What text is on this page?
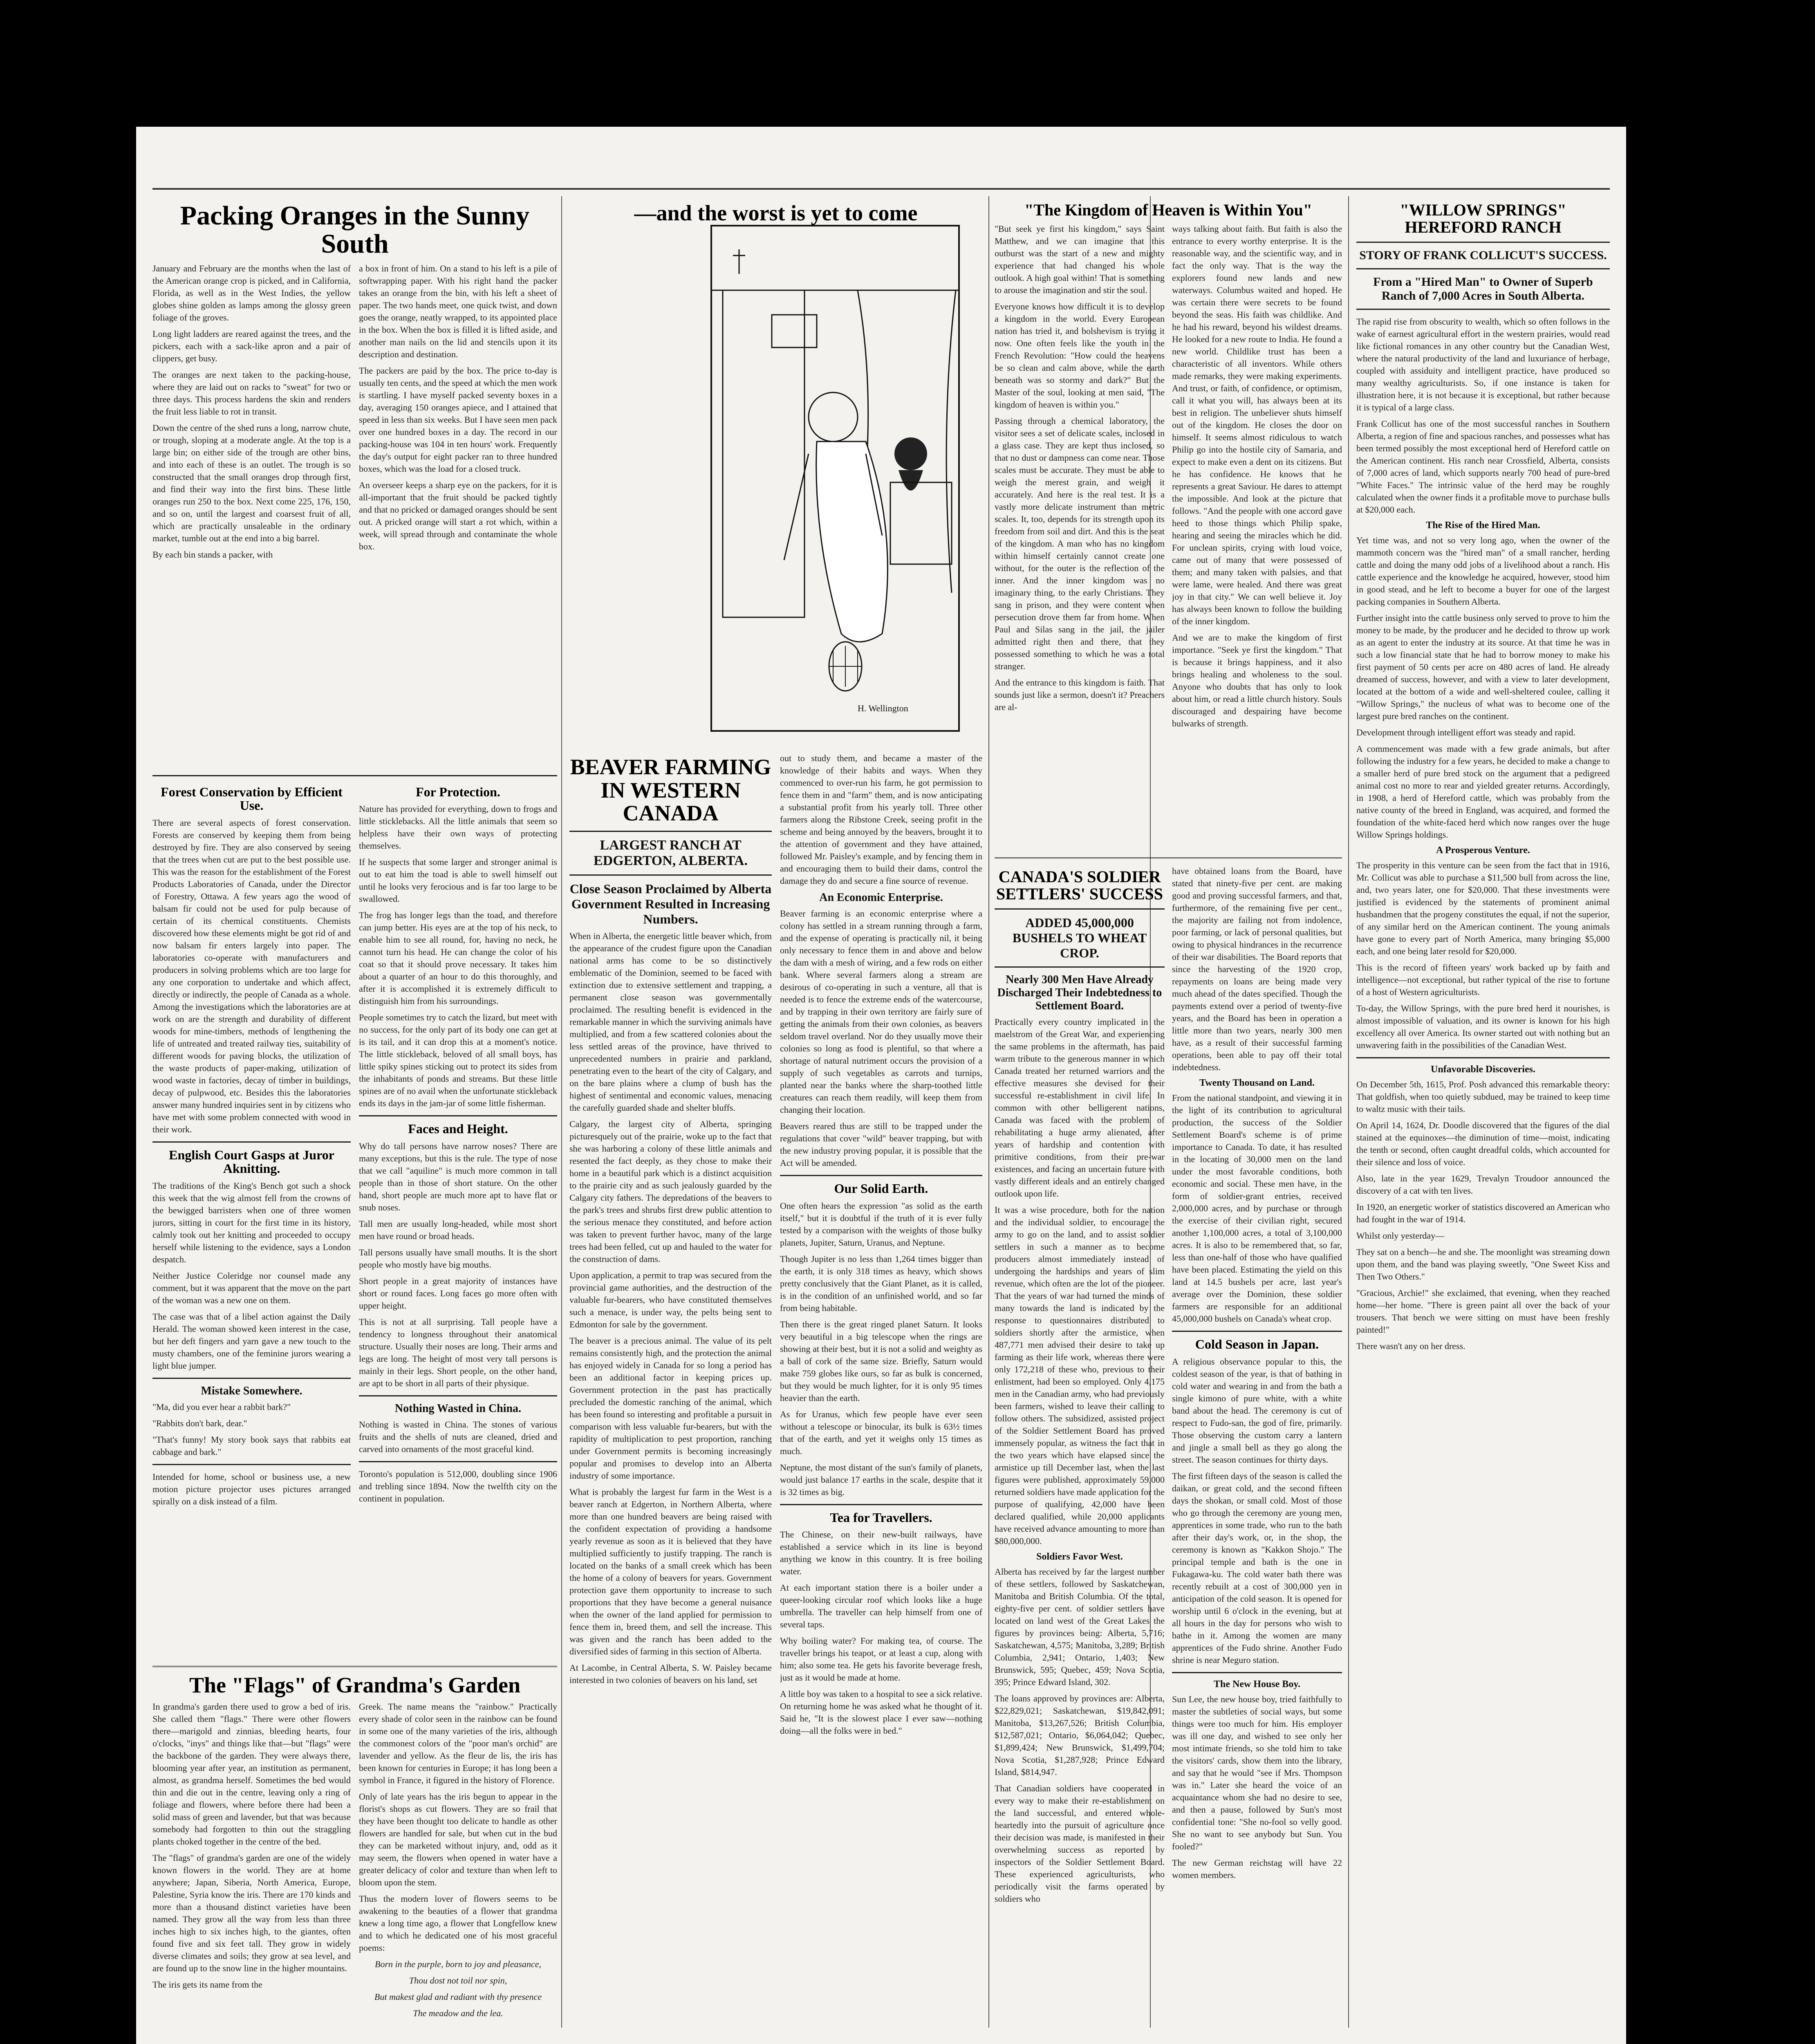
Packing Oranges in the Sunny South

January and February are the months when the last of the American orange crop is picked, and in California, Florida, as well as in the West Indies, the yellow globes shine golden as lamps among the glossy green foliage of the groves.

Long light ladders are reared against the trees, and the pickers, each with a sack-like apron and a pair of clippers, get busy.

The oranges are next taken to the packing-house, where they are laid out on racks to "sweat" for two or three days. This process hardens the skin and renders the fruit less liable to rot in transit.

Down the centre of the shed runs a long, narrow chute, or trough, sloping at a moderate angle. At the top is a large bin; on either side of the trough are other bins, and into each of these is an outlet. The trough is so constructed that the small oranges drop through first, and find their way into the first bins. These little oranges run 250 to the box. Next come 225, 176, 150, and so on, until the largest and coarsest fruit of all, which are practically unsaleable in the ordinary market, tumble out at the end into a big barrel.

By each bin stands a packer, with

a box in front of him. On a stand to his left is a pile of softwrapping paper. With his right hand the packer takes an orange from the bin, with his left a sheet of paper. The two hands meet, one quick twist, and down goes the orange, neatly wrapped, to its appointed place in the box. When the box is filled it is lifted aside, and another man nails on the lid and stencils upon it its description and destination.

The packers are paid by the box. The price to-day is usually ten cents, and the speed at which the men work is startling. I have myself packed seventy boxes in a day, averaging 150 oranges apiece, and I attained that speed in less than six weeks. But I have seen men pack over one hundred boxes in a day. The record in our packing-house was 104 in ten hours' work. Frequently the day's output for eight packer ran to three hundred boxes, which was the load for a closed truck.

An overseer keeps a sharp eye on the packers, for it is all-important that the fruit should be packed tightly and that no pricked or damaged oranges should be sent out. A pricked orange will start a rot which, within a week, will spread through and contaminate the whole box.

Forest Conservation by Efficient Use.

There are several aspects of forest conservation. Forests are conserved by keeping them from being destroyed by fire. They are also conserved by seeing that the trees when cut are put to the best possible use. This was the reason for the establishment of the Forest Products Laboratories of Canada, under the Director of Forestry, Ottawa. A few years ago the wood of balsam fir could not be used for pulp because of certain of its chemical constituents. Chemists discovered how these elements might be got rid of and now balsam fir enters largely into paper. The laboratories co-operate with manufacturers and producers in solving problems which are too large for any one corporation to undertake and which affect, directly or indirectly, the people of Canada as a whole. Among the investigations which the laboratories are at work on are the strength and durability of different woods for mine-timbers, methods of lengthening the life of untreated and treated railway ties, suitability of different woods for paving blocks, the utilization of the waste products of paper-making, utilization of wood waste in factories, decay of timber in buildings, decay of pulpwood, etc. Besides this the laboratories answer many hundred inquiries sent in by citizens who have met with some problem connected with wood in their work.

English Court Gasps at Juror Aknitting.

The traditions of the King's Bench got such a shock this week that the wig almost fell from the crowns of the bewigged barristers when one of three women jurors, sitting in court for the first time in its history, calmly took out her knitting and proceeded to occupy herself while listening to the evidence, says a London despatch.

Neither Justice Coleridge nor counsel made any comment, but it was apparent that the move on the part of the woman was a new one on them.

The case was that of a libel action against the Daily Herald. The woman showed keen interest in the case, but her deft fingers and yarn gave a new touch to the musty chambers, one of the feminine jurors wearing a light blue jumper.

Mistake Somewhere.

"Ma, did you ever hear a rabbit bark?"

"Rabbits don't bark, dear."

"That's funny! My story book says that rabbits eat cabbage and bark."

Intended for home, school or business use, a new motion picture projector uses pictures arranged spirally on a disk instead of a film.

For Protection.

Nature has provided for everything, down to frogs and little sticklebacks. All the little animals that seem so helpless have their own ways of protecting themselves.

If he suspects that some larger and stronger animal is out to eat him the toad is able to swell himself out until he looks very ferocious and is far too large to be swallowed.

The frog has longer legs than the toad, and therefore can jump better. His eyes are at the top of his neck, to enable him to see all round, for, having no neck, he cannot turn his head. He can change the color of his coat so that it should prove necessary. It takes him about a quarter of an hour to do this thoroughly, and after it is accomplished it is extremely difficult to distinguish him from his surroundings.

People sometimes try to catch the lizard, but meet with no success, for the only part of its body one can get at is its tail, and it can drop this at a moment's notice. The little stickleback, beloved of all small boys, has little spiky spines sticking out to protect its sides from the inhabitants of ponds and streams. But these little spines are of no avail when the unfortunate stickleback ends its days in the jam-jar of some little fisherman.

Faces and Height.

Why do tall persons have narrow noses? There are many exceptions, but this is the rule. The type of nose that we call "aquiline" is much more common in tall people than in those of short stature. On the other hand, short people are much more apt to have flat or snub noses.

Tall men are usually long-headed, while most short men have round or broad heads.

Tall persons usually have small mouths. It is the short people who mostly have big mouths.

Short people in a great majority of instances have short or round faces. Long faces go more often with upper height.

This is not at all surprising. Tall people have a tendency to longness throughout their anatomical structure. Usually their noses are long. Their arms and legs are long. The height of most very tall persons is mainly in their legs. Short people, on the other hand, are apt to be short in all parts of their physique.

Nothing Wasted in China.

Nothing is wasted in China. The stones of various fruits and the shells of nuts are cleaned, dried and carved into ornaments of the most graceful kind.

Toronto's population is 512,000, doubling since 1906 and trebling since 1894. Now the twelfth city on the continent in population.

The "Flags" of Grandma's Garden

In grandma's garden there used to grow a bed of iris. She called them "flags." There were other flowers there—marigold and zinnias, bleeding hearts, four o'clocks, "inys" and things like that—but "flags" were the backbone of the garden. They were always there, blooming year after year, an institution as permanent, almost, as grandma herself. Sometimes the bed would thin and die out in the centre, leaving only a ring of foliage and flowers, where before there had been a solid mass of green and lavender, but that was because somebody had forgotten to thin out the straggling plants choked together in the centre of the bed.

The "flags" of grandma's garden are one of the widely known flowers in the world. They are at home anywhere; Japan, Siberia, North America, Europe, Palestine, Syria know the iris. There are 170 kinds and more than a thousand distinct varieties have been named. They grow all the way from less than three inches high to six inches high, to the giantes, often found five and six feet tall. They grow in widely diverse climates and soils; they grow at sea level, and are found up to the snow line in the higher mountains.

The iris gets its name from the

Greek. The name means the "rainbow." Practically every shade of color seen in the rainbow can be found in some one of the many varieties of the iris, although the commonest colors of the "poor man's orchid" are lavender and yellow. As the fleur de lis, the iris has been known for centuries in Europe; it has long been a symbol in France, it figured in the history of Florence.

Only of late years has the iris begun to appear in the florist's shops as cut flowers. They are so frail that they have been thought too delicate to handle as other flowers are handled for sale, but when cut in the bud they can be marketed without injury, and, odd as it may seem, the flowers when opened in water have a greater delicacy of color and texture than when left to bloom upon the stem.

Thus the modern lover of flowers seems to be awakening to the beauties of a flower that grandma knew a long time ago, a flower that Longfellow knew and to which he dedicated one of his most graceful poems:

Born in the purple, born to joy and pleasance,

Thou dost not toil nor spin,

But makest glad and radiant with thy presence

The meadow and the lea.

—and the worst is yet to come
H. Wellington
BEAVER FARMING IN WESTERN CANADA
LARGEST RANCH AT EDGERTON, ALBERTA.
Close Season Proclaimed by Alberta Government Resulted in Increasing Numbers.

When in Alberta, the energetic little beaver which, from the appearance of the crudest figure upon the Canadian national arms has come to be so distinctively emblematic of the Dominion, seemed to be faced with extinction due to extensive settlement and trapping, a permanent close season was governmentally proclaimed. The resulting benefit is evidenced in the remarkable manner in which the surviving animals have multiplied, and from a few scattered colonies about the less settled areas of the province, have thrived to unprecedented numbers in prairie and parkland, penetrating even to the heart of the city of Calgary, and on the bare plains where a clump of bush has the highest of sentimental and economic values, menacing the carefully guarded shade and shelter bluffs.

Calgary, the largest city of Alberta, springing picturesquely out of the prairie, woke up to the fact that she was harboring a colony of these little animals and resented the fact deeply, as they chose to make their home in a beautiful park which is a distinct acquisition to the prairie city and as such jealously guarded by the Calgary city fathers. The depredations of the beavers to the park's trees and shrubs first drew public attention to the serious menace they constituted, and before action was taken to prevent further havoc, many of the large trees had been felled, cut up and hauled to the water for the construction of dams.

Upon application, a permit to trap was secured from the provincial game authorities, and the destruction of the valuable fur-bearers, who have constituted themselves such a menace, is under way, the pelts being sent to Edmonton for sale by the government.

The beaver is a precious animal. The value of its pelt remains consistently high, and the protection the animal has enjoyed widely in Canada for so long a period has been an additional factor in keeping prices up. Government protection in the past has practically precluded the domestic ranching of the animal, which has been found so interesting and profitable a pursuit in comparison with less valuable fur-bearers, but with the rapidity of multiplication to pest proportion, ranching under Government permits is becoming increasingly popular and promises to develop into an Alberta industry of some importance.

What is probably the largest fur farm in the West is a beaver ranch at Edgerton, in Northern Alberta, where more than one hundred beavers are being raised with the confident expectation of providing a handsome yearly revenue as soon as it is believed that they have multiplied sufficiently to justify trapping. The ranch is located on the banks of a small creek which has been the home of a colony of beavers for years. Government protection gave them opportunity to increase to such proportions that they have become a general nuisance when the owner of the land applied for permission to fence them in, breed them, and sell the increase. This was given and the ranch has been added to the diversified sides of farming in this section of Alberta.

At Lacombe, in Central Alberta, S. W. Paisley became interested in two colonies of beavers on his land, set

out to study them, and became a master of the knowledge of their habits and ways. When they commenced to over-run his farm, he got permission to fence them in and "farm" them, and is now anticipating a substantial profit from his yearly toll. Three other farmers along the Ribstone Creek, seeing profit in the scheme and being annoyed by the beavers, brought it to the attention of government and they have attained, followed Mr. Paisley's example, and by fencing them in and encouraging them to build their dams, control the damage they do and secure a fine source of revenue.

An Economic Enterprise.

Beaver farming is an economic enterprise where a colony has settled in a stream running through a farm, and the expense of operating is practically nil, it being only necessary to fence them in and above and below the dam with a mesh of wiring, and a few rods on either bank. Where several farmers along a stream are desirous of co-operating in such a venture, all that is needed is to fence the extreme ends of the watercourse, and by trapping in their own territory are fairly sure of getting the animals from their own colonies, as beavers seldom travel overland. Nor do they usually move their colonies so long as food is plentiful, so that where a shortage of natural nutriment occurs the provision of a supply of such vegetables as carrots and turnips, planted near the banks where the sharp-toothed little creatures can reach them readily, will keep them from changing their location.

Beavers reared thus are still to be trapped under the regulations that cover "wild" beaver trapping, but with the new industry proving popular, it is possible that the Act will be amended.

Our Solid Earth.

One often hears the expression "as solid as the earth itself," but it is doubtful if the truth of it is ever fully tested by a comparison with the weights of those bulky planets, Jupiter, Saturn, Uranus, and Neptune.

Though Jupiter is no less than 1,264 times bigger than the earth, it is only 318 times as heavy, which shows pretty conclusively that the Giant Planet, as it is called, is in the condition of an unfinished world, and so far from being habitable.

Then there is the great ringed planet Saturn. It looks very beautiful in a big telescope when the rings are showing at their best, but it is not a solid and weighty as a ball of cork of the same size. Briefly, Saturn would make 759 globes like ours, so far as bulk is concerned, but they would be much lighter, for it is only 95 times heavier than the earth.

As for Uranus, which few people have ever seen without a telescope or binocular, its bulk is 63½ times that of the earth, and yet it weighs only 15 times as much.

Neptune, the most distant of the sun's family of planets, would just balance 17 earths in the scale, despite that it is 32 times as big.

Tea for Travellers.

The Chinese, on their new-built railways, have established a service which in its line is beyond anything we know in this country. It is free boiling water.

At each important station there is a boiler under a queer-looking circular roof which looks like a huge umbrella. The traveller can help himself from one of several taps.

Why boiling water? For making tea, of course. The traveller brings his teapot, or at least a cup, along with him; also some tea. He gets his favorite beverage fresh, just as it would be made at home.

A little boy was taken to a hospital to see a sick relative. On returning home he was asked what he thought of it. Said he, "It is the slowest place I ever saw—nothing doing—all the folks were in bed."

"The Kingdom of Heaven is Within You"

"But seek ye first his kingdom," says Saint Matthew, and we can imagine that this outburst was the start of a new and mighty experience that had changed his whole outlook. A high goal within! That is something to arouse the imagination and stir the soul.

Everyone knows how difficult it is to develop a kingdom in the world. Every European nation has tried it, and bolshevism is trying it now. One often feels like the youth in the French Revolution: "How could the heavens be so clean and calm above, while the earth beneath was so stormy and dark?" But the Master of the soul, looking at men said, "The kingdom of heaven is within you."

Passing through a chemical laboratory, the visitor sees a set of delicate scales, inclosed in a glass case. They are kept thus inclosed, so that no dust or dampness can come near. Those scales must be accurate. They must be able to weigh the merest grain, and weigh it accurately. And here is the real test. It is a vastly more delicate instrument than metric scales. It, too, depends for its strength upon its freedom from soil and dirt. And this is the seat of the kingdom. A man who has no kingdom within himself certainly cannot create one without, for the outer is the reflection of the inner. And the inner kingdom was no imaginary thing, to the early Christians. They sang in prison, and they were content when persecution drove them far from home. When Paul and Silas sang in the jail, the jailer admitted right then and there, that they possessed something to which he was a total stranger.

And the entrance to this kingdom is faith. That sounds just like a sermon, doesn't it? Preachers are al-

ways talking about faith. But faith is also the entrance to every worthy enterprise. It is the reasonable way, and the scientific way, and in fact the only way. That is the way the explorers found new lands and new waterways. Columbus waited and hoped. He was certain there were secrets to be found beyond the seas. His faith was childlike. And he had his reward, beyond his wildest dreams. He looked for a new route to India. He found a new world. Childlike trust has been a characteristic of all inventors. While others made remarks, they were making experiments. And trust, or faith, of confidence, or optimism, call it what you will, has always been at its best in religion. The unbeliever shuts himself out of the kingdom. He closes the door on himself. It seems almost ridiculous to watch Philip go into the hostile city of Samaria, and expect to make even a dent on its citizens. But he has confidence. He knows that he represents a great Saviour. He dares to attempt the impossible. And look at the picture that follows. "And the people with one accord gave heed to those things which Philip spake, hearing and seeing the miracles which he did. For unclean spirits, crying with loud voice, came out of many that were possessed of them; and many taken with palsies, and that were lame, were healed. And there was great joy in that city." We can well believe it. Joy has always been known to follow the building of the inner kingdom.

And we are to make the kingdom of first importance. "Seek ye first the kingdom." That is because it brings happiness, and it also brings healing and wholeness to the soul. Anyone who doubts that has only to look about him, or read a little church history. Souls discouraged and despairing have become bulwarks of strength.

CANADA'S SOLDIER SETTLERS' SUCCESS
ADDED 45,000,000 BUSHELS TO WHEAT CROP.
Nearly 300 Men Have Already Discharged Their Indebtedness to Settlement Board.

Practically every country implicated in the maelstrom of the Great War, and experiencing the same problems in the aftermath, has paid warm tribute to the generous manner in which Canada treated her returned warriors and the effective measures she devised for their successful re-establishment in civil life. In common with other belligerent nations, Canada was faced with the problem of rehabilitating a huge army alienated, after years of hardship and contention with primitive conditions, from their pre-war existences, and facing an uncertain future with vastly different ideals and an entirely changed outlook upon life.

It was a wise procedure, both for the nation and the individual soldier, to encourage the army to go on the land, and to assist soldier settlers in such a manner as to become producers almost immediately instead of undergoing the hardships and years of slim revenue, which often are the lot of the pioneer. That the years of war had turned the minds of many towards the land is indicated by the response to questionnaires distributed to soldiers shortly after the armistice, when 487,771 men advised their desire to take up farming as their life work, whereas there were only 172,218 of these who, previous to their enlistment, had been so employed. Only 4,175 men in the Canadian army, who had previously been farmers, wished to leave their calling to follow others. The subsidized, assisted project of the Soldier Settlement Board has proved immensely popular, as witness the fact that in the two years which have elapsed since the armistice up till December last, when the last figures were published, approximately 59,000 returned soldiers have made application for the purpose of qualifying, 42,000 have been declared qualified, while 20,000 applicants have received advance amounting to more than $80,000,000.

Soldiers Favor West.

Alberta has received by far the largest number of these settlers, followed by Saskatchewan, Manitoba and British Columbia. Of the total, eighty-five per cent. of soldier settlers have located on land west of the Great Lakes the figures by provinces being: Alberta, 5,716; Saskatchewan, 4,575; Manitoba, 3,289; British Columbia, 2,941; Ontario, 1,403; New Brunswick, 595; Quebec, 459; Nova Scotia, 395; Prince Edward Island, 302.

The loans approved by provinces are: Alberta, $22,829,021; Saskatchewan, $19,842,091; Manitoba, $13,267,526; British Columbia, $12,587,021; Ontario, $6,064,042; Quebec, $1,899,424; New Brunswick, $1,499,704; Nova Scotia, $1,287,928; Prince Edward Island, $814,947.

That Canadian soldiers have cooperated in every way to make their re-establishment on the land successful, and entered whole-heartedly into the pursuit of agriculture once their decision was made, is manifested in their overwhelming success as reported by inspectors of the Soldier Settlement Board. These experienced agriculturists, who periodically visit the farms operated by soldiers who

have obtained loans from the Board, have stated that ninety-five per cent. are making good and proving successful farmers, and that, furthermore, of the remaining five per cent., the majority are failing not from indolence, poor farming, or lack of personal qualities, but owing to physical hindrances in the recurrence of their war disabilities. The Board reports that since the harvesting of the 1920 crop, repayments on loans are being made very much ahead of the dates specified. Though the payments extend over a period of twenty-five years, and the Board has been in operation a little more than two years, nearly 300 men have, as a result of their successful farming operations, been able to pay off their total indebtedness.

Twenty Thousand on Land.

From the national standpoint, and viewing it in the light of its contribution to agricultural production, the success of the Soldier Settlement Board's scheme is of prime importance to Canada. To date, it has resulted in the locating of 30,000 men on the land under the most favorable conditions, both economic and social. These men have, in the form of soldier-grant entries, received 2,000,000 acres, and by purchase or through the exercise of their civilian right, secured another 1,100,000 acres, a total of 3,100,000 acres. It is also to be remembered that, so far, less than one-half of those who have qualified have been placed. Estimating the yield on this land at 14.5 bushels per acre, last year's average over the Dominion, these soldier farmers are responsible for an additional 45,000,000 bushels on Canada's wheat crop.

Cold Season in Japan.

A religious observance popular to this, the coldest season of the year, is that of bathing in cold water and wearing in and from the bath a single kimono of pure white, with a white band about the head. The ceremony is cut of respect to Fudo-san, the god of fire, primarily. Those observing the custom carry a lantern and jingle a small bell as they go along the street. The season continues for thirty days.

The first fifteen days of the season is called the daikan, or great cold, and the second fifteen days the shokan, or small cold. Most of those who go through the ceremony are young men, apprentices in some trade, who run to the bath after their day's work, or, in the shop, the ceremony is known as "Kakkon Shojo." The principal temple and bath is the one in Fukagawa-ku. The cold water bath there was recently rebuilt at a cost of 300,000 yen in anticipation of the cold season. It is opened for worship until 6 o'clock in the evening, but at all hours in the day for persons who wish to bathe in it. Among the women are many apprentices of the Fudo shrine. Another Fudo shrine is near Meguro station.

The New House Boy.

Sun Lee, the new house boy, tried faithfully to master the subtleties of social ways, but some things were too much for him. His employer was ill one day, and wished to see only her most intimate friends, so she told him to take the visitors' cards, show them into the library, and say that he would "see if Mrs. Thompson was in." Later she heard the voice of an acquaintance whom she had no desire to see, and then a pause, followed by Sun's most confidential tone: "She no-fool so velly good. She no want to see anybody but Sun. You fooled?"

The new German reichstag will have 22 women members.

"WILLOW SPRINGS" HEREFORD RANCH
STORY OF FRANK COLLICUT'S SUCCESS.
From a "Hired Man" to Owner of Superb Ranch of 7,000 Acres in South Alberta.

The rapid rise from obscurity to wealth, which so often follows in the wake of earnest agricultural effort in the western prairies, would read like fictional romances in any other country but the Canadian West, where the natural productivity of the land and luxuriance of herbage, coupled with assiduity and intelligent practice, have produced so many wealthy agriculturists. So, if one instance is taken for illustration here, it is not because it is exceptional, but rather because it is typical of a large class.

Frank Collicut has one of the most successful ranches in Southern Alberta, a region of fine and spacious ranches, and possesses what has been termed possibly the most exceptional herd of Hereford cattle on the American continent. His ranch near Crossfield, Alberta, consists of 7,000 acres of land, which supports nearly 700 head of pure-bred "White Faces." The intrinsic value of the herd may be roughly calculated when the owner finds it a profitable move to purchase bulls at $20,000 each.

The Rise of the Hired Man.

Yet time was, and not so very long ago, when the owner of the mammoth concern was the "hired man" of a small rancher, herding cattle and doing the many odd jobs of a livelihood about a ranch. His cattle experience and the knowledge he acquired, however, stood him in good stead, and he left to become a buyer for one of the largest packing companies in Southern Alberta.

Further insight into the cattle business only served to prove to him the money to be made, by the producer and he decided to throw up work as an agent to enter the industry at its source. At that time he was in such a low financial state that he had to borrow money to make his first payment of 50 cents per acre on 480 acres of land. He already dreamed of success, however, and with a view to later development, located at the bottom of a wide and well-sheltered coulee, calling it "Willow Springs," the nucleus of what was to become one of the largest pure bred ranches on the continent.

Development through intelligent effort was steady and rapid.

A commencement was made with a few grade animals, but after following the industry for a few years, he decided to make a change to a smaller herd of pure bred stock on the argument that a pedigreed animal cost no more to rear and yielded greater returns. Accordingly, in 1908, a herd of Hereford cattle, which was probably from the native county of the breed in England, was acquired, and formed the foundation of the white-faced herd which now ranges over the huge Willow Springs holdings.

A Prosperous Venture.

The prosperity in this venture can be seen from the fact that in 1916, Mr. Collicut was able to purchase a $11,500 bull from across the line, and, two years later, one for $20,000. That these investments were justified is evidenced by the statements of prominent animal husbandmen that the progeny constitutes the equal, if not the superior, of any similar herd on the American continent. The young animals have gone to every part of North America, many bringing $5,000 each, and one being later resold for $20,000.

This is the record of fifteen years' work backed up by faith and intelligence—not exceptional, but rather typical of the rise to fortune of a host of Western agriculturists.

To-day, the Willow Springs, with the pure bred herd it nourishes, is almost impossible of valuation, and its owner is known for his high excellency all over America. Its owner started out with nothing but an unwavering faith in the possibilities of the Canadian West.

Unfavorable Discoveries.

On December 5th, 1615, Prof. Posh advanced this remarkable theory: That goldfish, when too quietly subdued, may be trained to keep time to waltz music with their tails.

On April 14, 1624, Dr. Doodle discovered that the figures of the dial stained at the equinoxes—the diminution of time—moist, indicating the tenth or second, often caught dreadful colds, which accounted for their silence and loss of voice.

Also, late in the year 1629, Trevalyn Troudoor announced the discovery of a cat with ten lives.

In 1920, an energetic worker of statistics discovered an American who had fought in the war of 1914.

Whilst only yesterday—

They sat on a bench—he and she. The moonlight was streaming down upon them, and the band was playing sweetly, "One Sweet Kiss and Then Two Others."

"Gracious, Archie!" she exclaimed, that evening, when they reached home—her home. "There is green paint all over the back of your trousers. That bench we were sitting on must have been freshly painted!"

There wasn't any on her dress.
